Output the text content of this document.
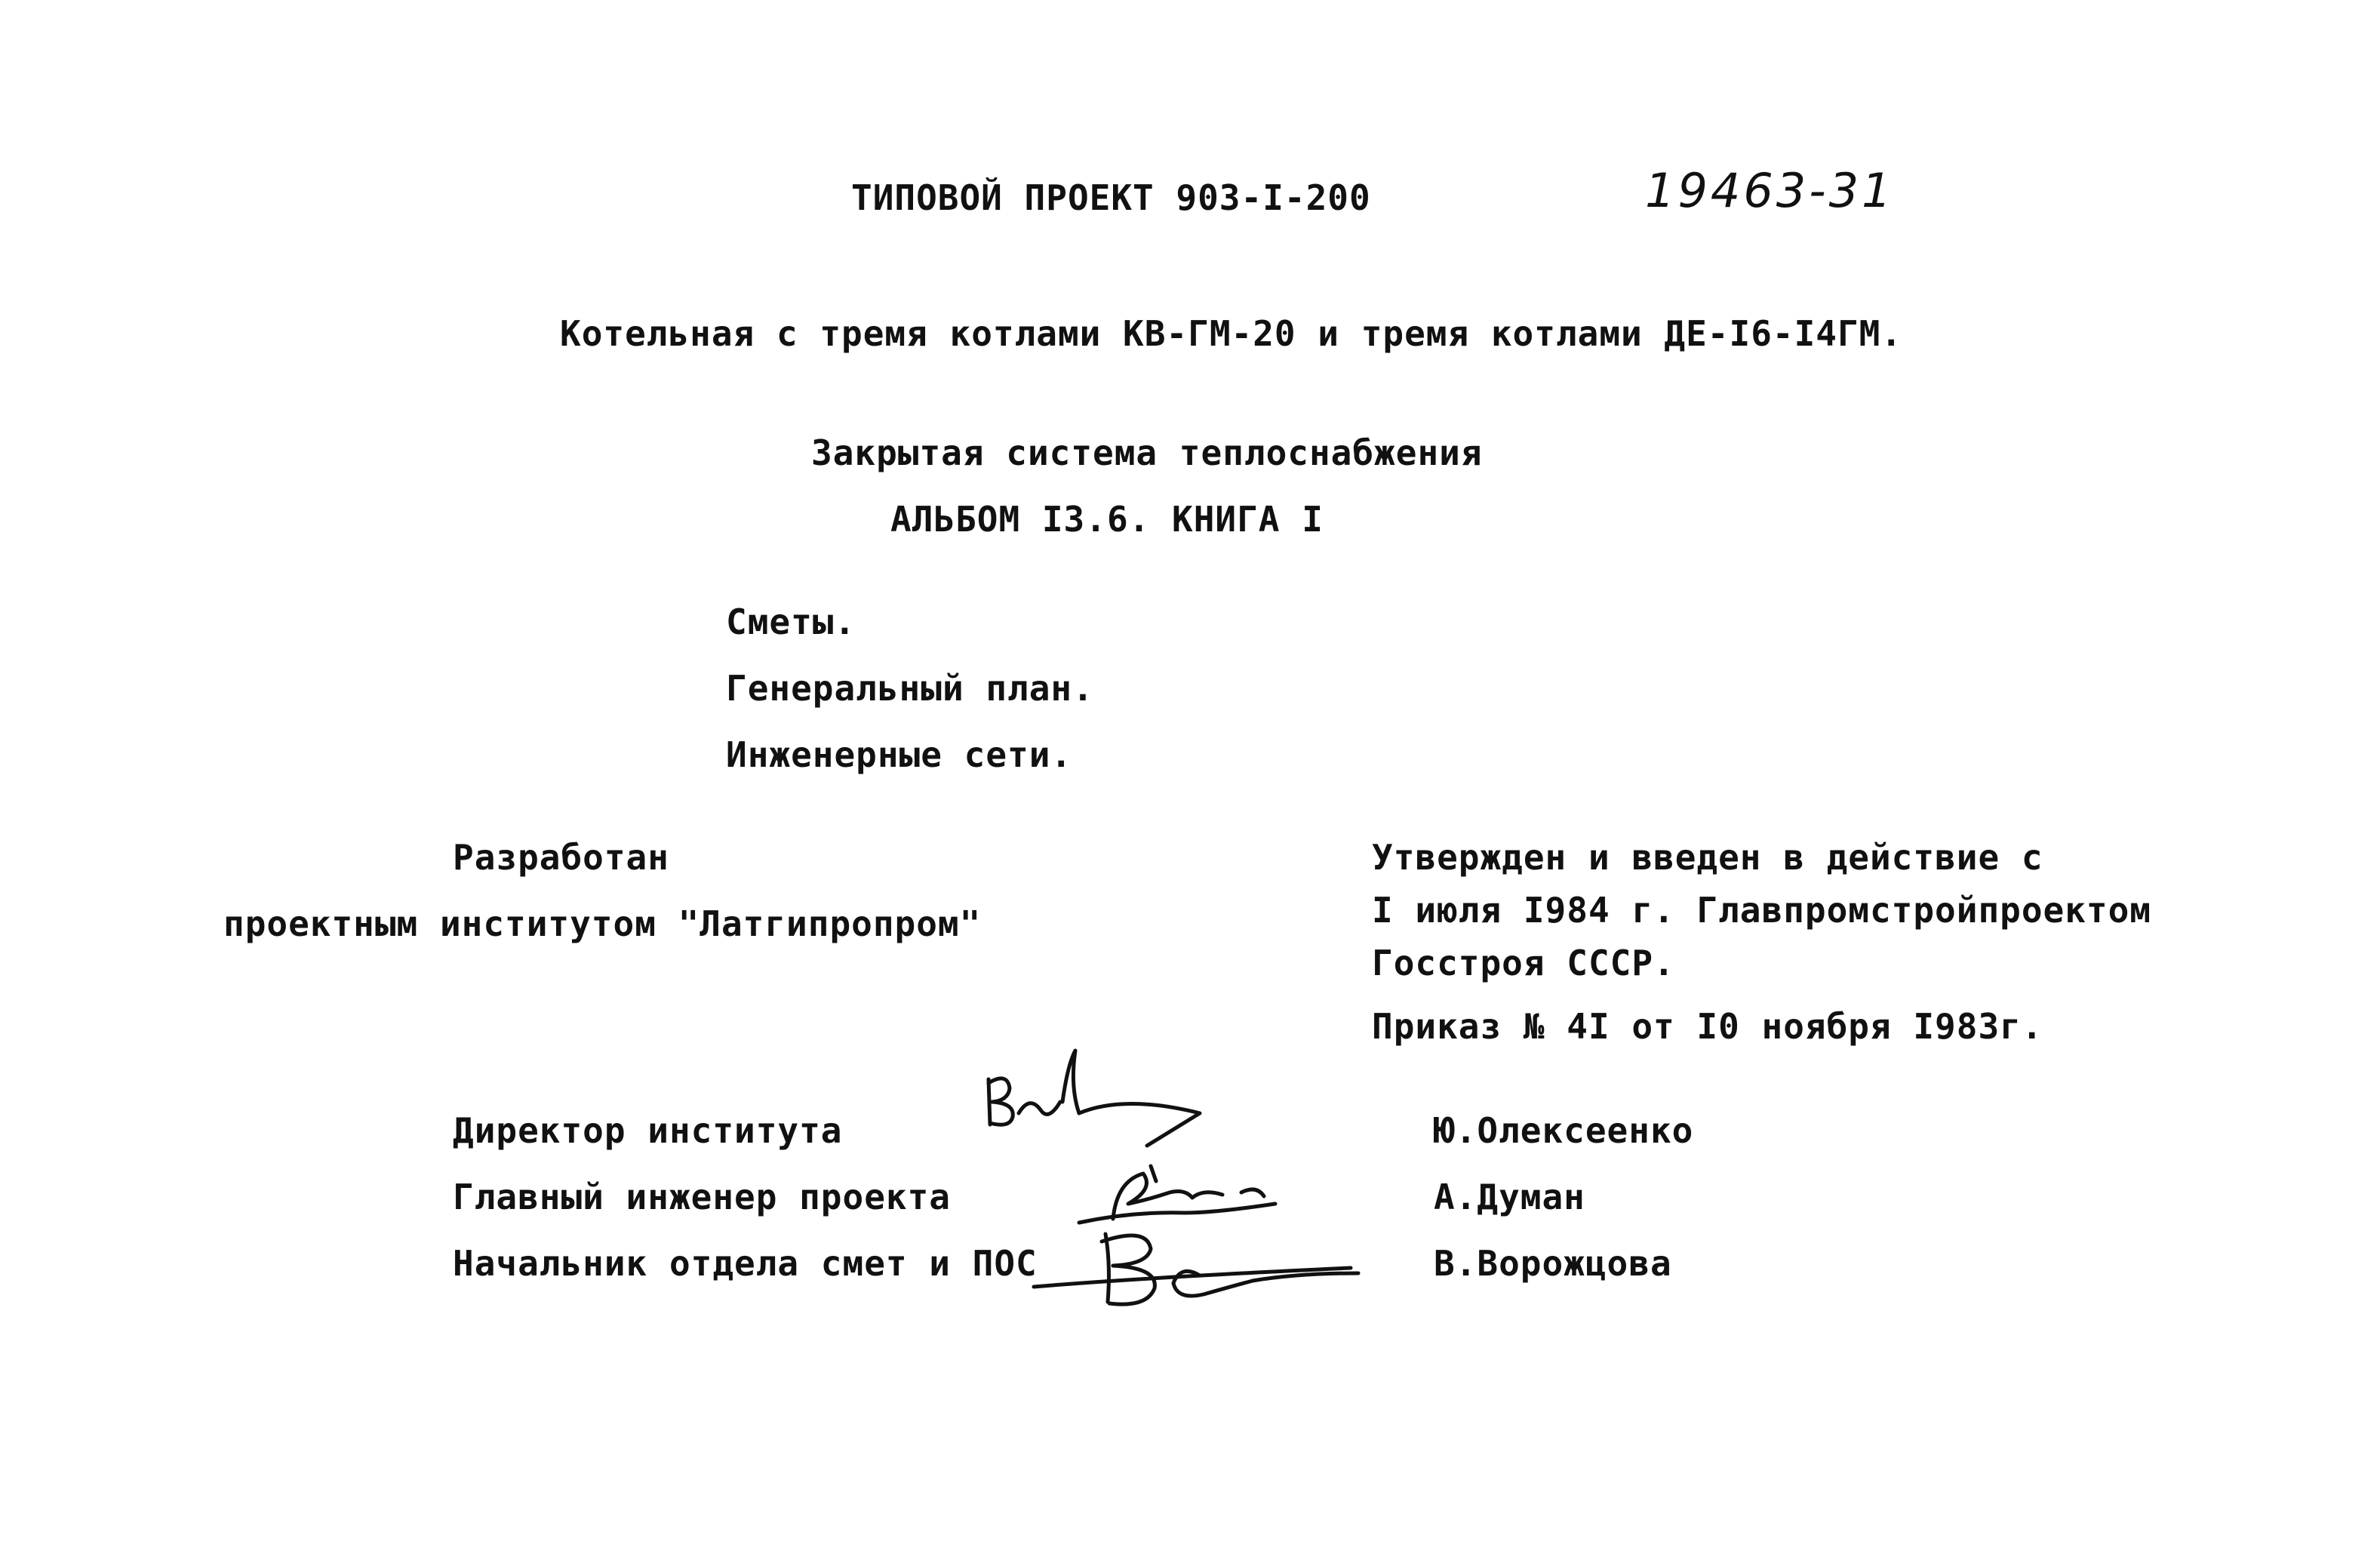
ТИПОВОЙ ПРОЕКТ 903-I-200	19463-31
Котельная с тремя котлами КВ-ГМ-20 и тремя котлами ДЕ-I6-I4ГМ.
Закрытая система теплоснабжения
АЛЬБОМ I3.6. КНИГА I
Сметы.
Генеральный план.
Инженерные сети.
Разработан
проектным институтом "Латгипропром"
Утвержден и введен в действие с
I июля I984 г. Главпромстройпроектом
Госстроя СССР.
Приказ № 4I от I0 ноября I983г.
Директор института	Ю.Олексеенко
Главный инженер проекта	А.Думан
Начальник отдела смет и ПОС	В.Ворожцова
